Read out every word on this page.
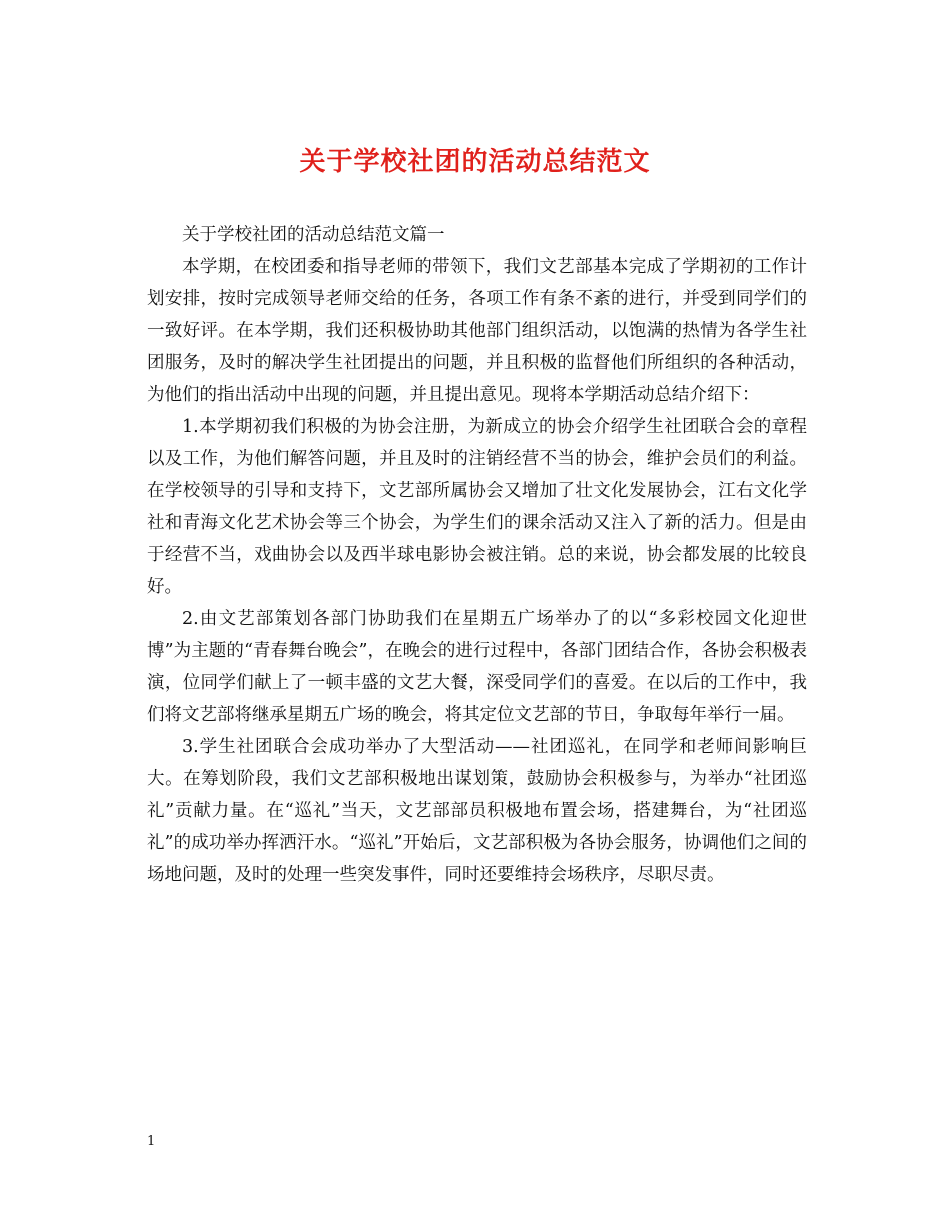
关于学校社团的活动总结范文

关于学校社团的活动总结范文篇一

本学期，在校团委和指导老师的带领下，我们文艺部基本完成了学期初的工作计划安排，按时完成领导老师交给的任务，各项工作有条不紊的进行，并受到同学们的一致好评。在本学期，我们还积极协助其他部门组织活动，以饱满的热情为各学生社团服务，及时的解决学生社团提出的问题，并且积极的监督他们所组织的各种活动，为他们的指出活动中出现的问题，并且提出意见。现将本学期活动总结介绍下：

1.本学期初我们积极的为协会注册，为新成立的协会介绍学生社团联合会的章程以及工作，为他们解答问题，并且及时的注销经营不当的协会，维护会员们的利益。在学校领导的引导和支持下，文艺部所属协会又增加了壮文化发展协会，江右文化学社和青海文化艺术协会等三个协会，为学生们的课余活动又注入了新的活力。但是由于经营不当，戏曲协会以及西半球电影协会被注销。总的来说，协会都发展的比较良好。

2.由文艺部策划各部门协助我们在星期五广场举办了的以“多彩校园文化迎世博”为主题的“青春舞台晚会”，在晚会的进行过程中，各部门团结合作，各协会积极表演，位同学们献上了一顿丰盛的文艺大餐，深受同学们的喜爱。在以后的工作中，我们将文艺部将继承星期五广场的晚会，将其定位文艺部的节日，争取每年举行一届。

3.学生社团联合会成功举办了大型活动——社团巡礼，在同学和老师间影响巨大。在筹划阶段，我们文艺部积极地出谋划策，鼓励协会积极参与，为举办“社团巡礼”贡献力量。在“巡礼”当天，文艺部部员积极地布置会场，搭建舞台，为“社团巡礼”的成功举办挥洒汗水。“巡礼”开始后，文艺部积极为各协会服务，协调他们之间的场地问题，及时的处理一些突发事件，同时还要维持会场秩序，尽职尽责。

1
